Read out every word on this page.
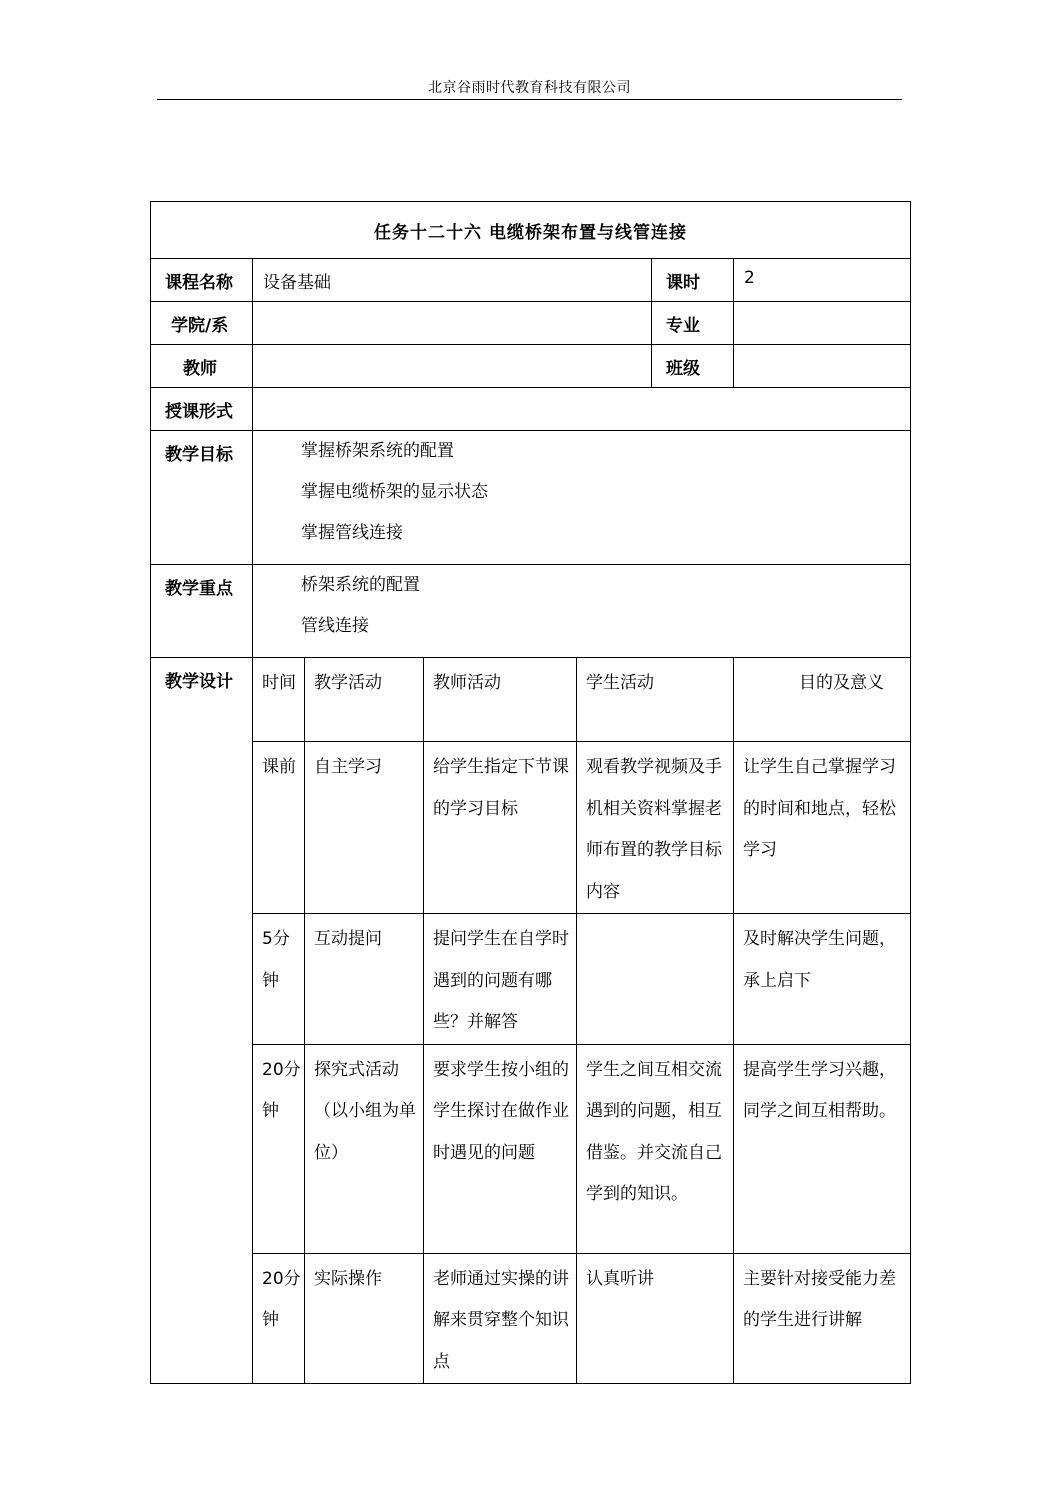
北京谷雨时代教育科技有限公司
任务十二十六 电缆桥架布置与线管连接						
课程名称	设备基础				课时	2
学院/系					专业	
教师					班级	
授课形式						
教学目标	掌握桥架系统的配置
掌握电缆桥架的显示状态
掌握管线连接					

教学重点	桥架系统的配置
管线连接					

教学设计	时间	教学活动	教师活动	学生活动		目的及意义
	课前	自主学习	给学生指定下节课的学习目标	观看教学视频及手机相关资料掌握老师布置的教学目标内容		让学生自己掌握学习的时间和地点，轻松学习
	5分钟	互动提问	提问学生在自学时遇到的问题有哪些？并解答			及时解决学生问题，承上启下
	20分钟	探究式活动（以小组为单位）	要求学生按小组的学生探讨在做作业时遇见的问题	学生之间互相交流遇到的问题，相互借鉴。并交流自己学到的知识。		提高学生学习兴趣，同学之间互相帮助。
	20分钟	实际操作	老师通过实操的讲解来贯穿整个知识点	认真听讲		主要针对接受能力差的学生进行讲解
